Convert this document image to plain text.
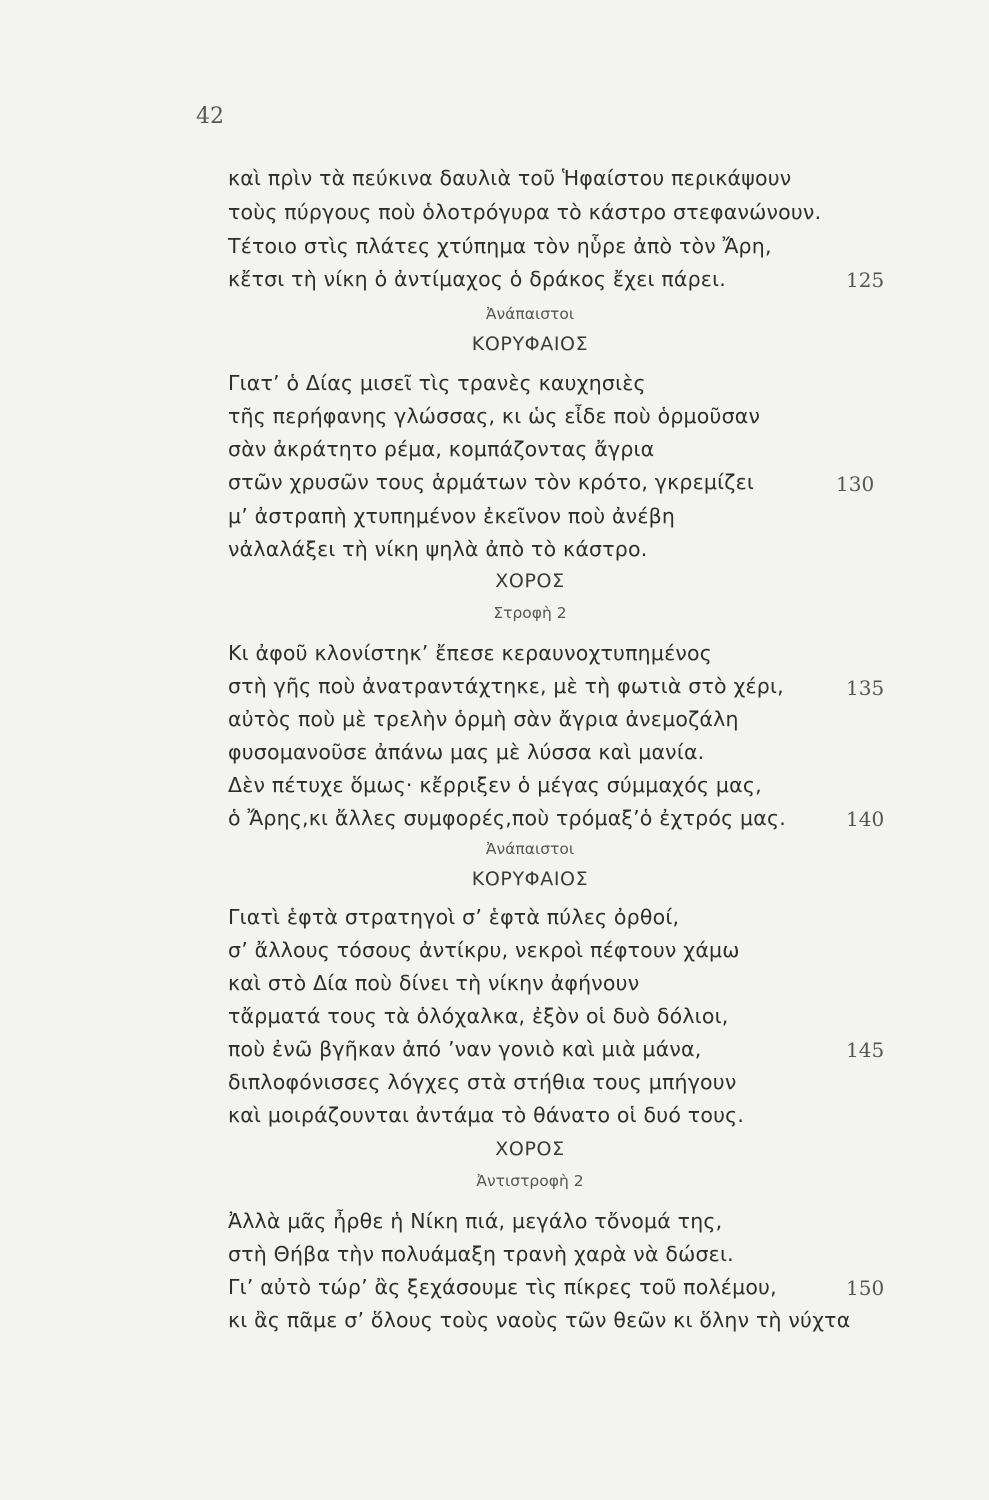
42
καὶ πρὶν τὰ πεύκινα δαυλιὰ τοῦ Ἡφαίστου περικάψουν
τοὺς πύργους ποὺ ὁλοτρόγυρα τὸ κάστρο στεφανώνουν.
Τέτοιο στὶς πλάτες χτύπημα τὸν ηὗρε ἀπὸ τὸν Ἄρη,
κἔτσι τὴ νίκη ὁ ἀντίμαχος ὁ δράκος ἔχει πάρει.	125
Ἀνάπαιστοι
ΚΟΡΥΦΑΙΟΣ
Γιατ’ ὁ Δίας μισεῖ τὶς τρανὲς καυχησιὲς
τῆς περήφανης γλώσσας, κι ὡς εἶδε ποὺ ὁρμοῦσαν
σὰν ἀκράτητο ρέμα, κομπάζοντας ἄγρια
στῶν χρυσῶν τους ἁρμάτων τὸν κρότο, γκρεμίζει	130
μ’ ἀστραπὴ χτυπημένον ἐκεῖνον ποὺ ἀνέβη
νἀλαλάξει τὴ νίκη ψηλὰ ἀπὸ τὸ κάστρο.
ΧΟΡΟΣ
Στροφὴ 2
Κι ἀφοῦ κλονίστηκ’ ἔπεσε κεραυνοχτυπημένος
στὴ γῆς ποὺ ἀνατραντάχτηκε, μὲ τὴ φωτιὰ στὸ χέρι,	135
αὐτὸς ποὺ μὲ τρελὴν ὁρμὴ σὰν ἄγρια ἀνεμοζάλη
φυσομανοῦσε ἀπάνω μας μὲ λύσσα καὶ μανία.
Δὲν πέτυχε ὅμως· κἔρριξεν ὁ μέγας σύμμαχός μας,
ὁ Ἄρης,κι ἄλλες συμφορές,ποὺ τρόμαξ’ὁ ἐχτρός μας.	140
Ἀνάπαιστοι
ΚΟΡΥΦΑΙΟΣ
Γιατὶ ἑφτὰ στρατηγοὶ σ’ ἑφτὰ πύλες ὀρθοί,
σ’ ἄλλους τόσους ἀντίκρυ, νεκροὶ πέφτουν χάμω
καὶ στὸ Δία ποὺ δίνει τὴ νίκην ἀφήνουν
τἄρματά τους τὰ ὁλόχαλκα, ἐξὸν οἱ δυὸ δόλιοι,
ποὺ ἐνῶ βγῆκαν ἀπό ’ναν γονιὸ καὶ μιὰ μάνα,	145
διπλοφόνισσες λόγχες στὰ στήθια τους μπήγουν
καὶ μοιράζουνται ἀντάμα τὸ θάνατο οἱ δυό τους.
ΧΟΡΟΣ
Ἀντιστροφὴ 2
Ἀλλὰ μᾶς ἦρθε ἡ Νίκη πιά, μεγάλο τὄνομά της,
στὴ Θήβα τὴν πολυάμαξη τρανὴ χαρὰ νὰ δώσει.
Γι’ αὐτὸ τώρ’ ἂς ξεχάσουμε τὶς πίκρες τοῦ πολέμου,	150
κι ἂς πᾶμε σ’ ὅλους τοὺς ναοὺς τῶν θεῶν κι ὅλην τὴ νύχτα
